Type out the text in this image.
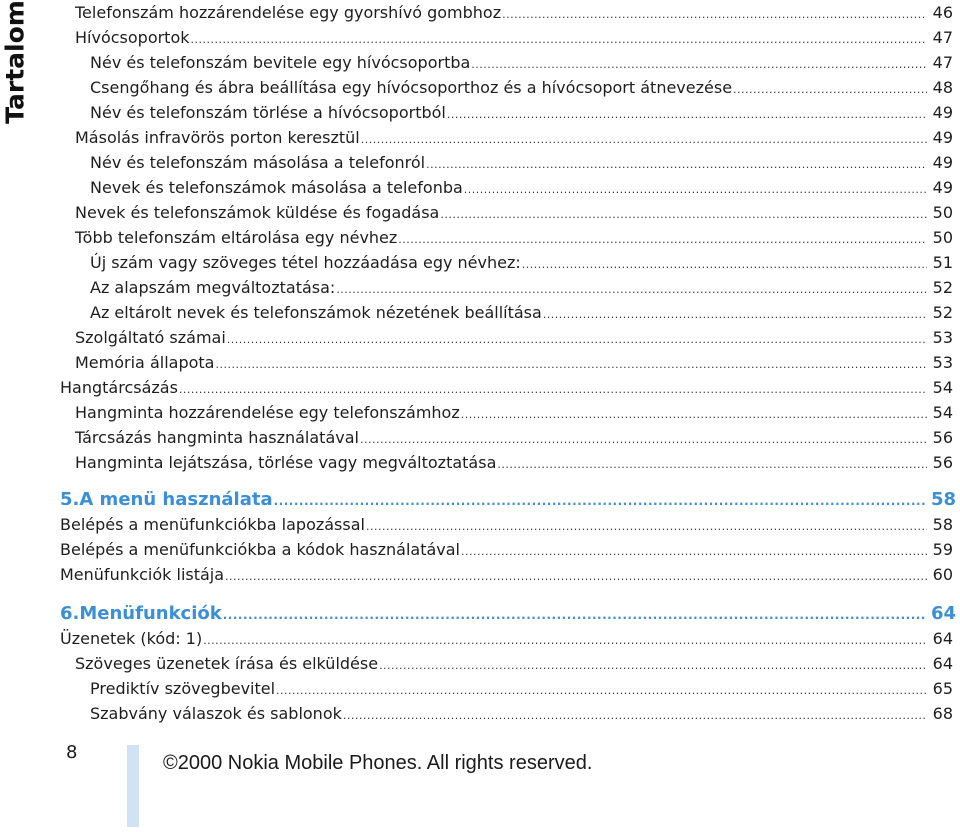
Tartalom	Telefonszám hozzárendelése egy gyorshívó gombhoz .....	46
Hívócsoportok .....	47
Név és telefonszám bevitele egy hívócsoportba .....	47
Csengőhang és ábra beállítása egy hívócsoporthoz és a hívócsoport átnevezése .....	48
Név és telefonszám törlése a hívócsoportból .....	49
Másolás infravörös porton keresztül .....	49
Név és telefonszám másolása a telefonról .....	49
Nevek és telefonszámok másolása a telefonba .....	49
Nevek és telefonszámok küldése és fogadása .....	50
Több telefonszám eltárolása egy névhez .....	50
Új szám vagy szöveges tétel hozzáadása egy névhez: .....	51
Az alapszám megváltoztatása: .....	52
Az eltárolt nevek és telefonszámok nézetének beállítása .....	52
Szolgáltató számai .....	53
Memória állapota .....	53
Hangtárcsázás .....	54
Hangminta hozzárendelése egy telefonszámhoz .....	54
Tárcsázás hangminta használatával .....	56
Hangminta lejátszása, törlése vagy megváltoztatása .....	56
5.A menü használata .....	58
Belépés a menüfunkciókba lapozással .....	58
Belépés a menüfunkciókba a kódok használatával .....	59
Menüfunkciók listája .....	60
6.Menüfunkciók .....	64
Üzenetek (kód: 1) .....	64
Szöveges üzenetek írása és elküldése .....	64
Prediktív szövegbevitel .....	65
Szabvány válaszok és sablonok .....	68
8	©2000 Nokia Mobile Phones. All rights reserved.
